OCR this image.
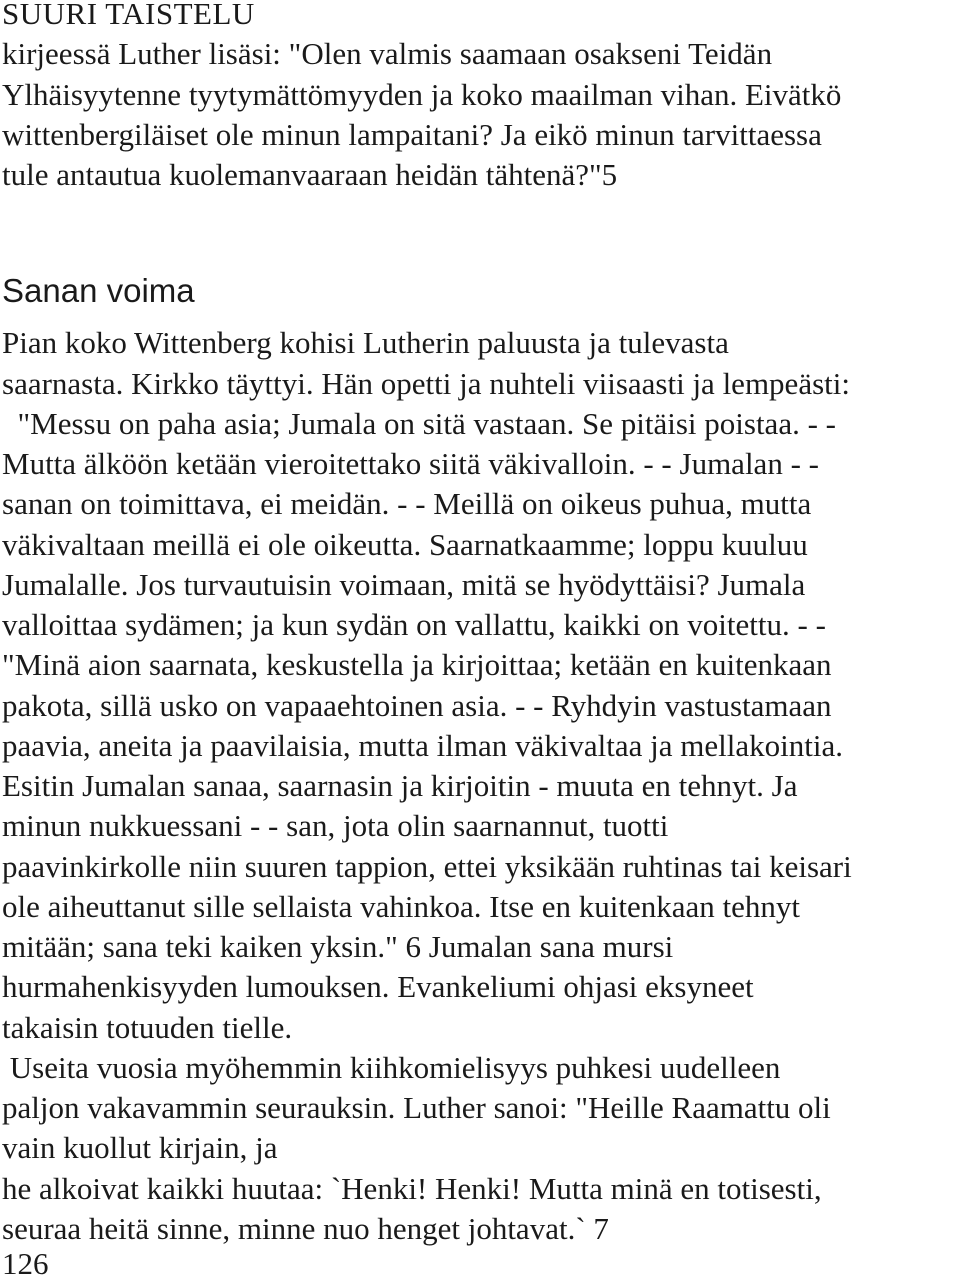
SUURI TAISTELU
kirjeessä Luther lisäsi: "Olen valmis saamaan osakseni Teidän
Ylhäisyytenne tyytymättömyyden ja koko maailman vihan. Eivätkö
wittenbergiläiset ole minun lampaitani? Ja eikö minun tarvittaessa
tule antautua kuolemanvaaraan heidän tähtenä?"5
Sanan voima
Pian koko Wittenberg kohisi Lutherin paluusta ja tulevasta
saarnasta. Kirkko täyttyi. Hän opetti ja nuhteli viisaasti ja lempeästi:
"Messu on paha asia; Jumala on sitä vastaan. Se pitäisi poistaa. - -
Mutta älköön ketään vieroitettako siitä väkivalloin. - - Jumalan - -
sanan on toimittava, ei meidän. - - Meillä on oikeus puhua, mutta
väkivaltaan meillä ei ole oikeutta. Saarnatkaamme; loppu kuuluu
Jumalalle. Jos turvautuisin voimaan, mitä se hyödyttäisi? Jumala
valloittaa sydämen; ja kun sydän on vallattu, kaikki on voitettu. - -
"Minä aion saarnata, keskustella ja kirjoittaa; ketään en kuitenkaan
pakota, sillä usko on vapaaehtoinen asia. - - Ryhdyin vastustamaan
paavia, aneita ja paavilaisia, mutta ilman väkivaltaa ja mellakointia.
Esitin Jumalan sanaa, saarnasin ja kirjoitin - muuta en tehnyt. Ja
minun nukkuessani - - san, jota olin saarnannut, tuotti
paavinkirkolle niin suuren tappion, ettei yksikään ruhtinas tai keisari
ole aiheuttanut sille sellaista vahinkoa. Itse en kuitenkaan tehnyt
mitään; sana teki kaiken yksin." 6 Jumalan sana mursi
hurmahenkisyyden lumouksen. Evankeliumi ohjasi eksyneet
takaisin totuuden tielle.
Useita vuosia myöhemmin kiihkomielisyys puhkesi uudelleen
paljon vakavammin seurauksin. Luther sanoi: "Heille Raamattu oli
vain kuollut kirjain, ja
he alkoivat kaikki huutaa: `Henki! Henki! Mutta minä en totisesti,
seuraa heitä sinne, minne nuo henget johtavat.` 7
126
